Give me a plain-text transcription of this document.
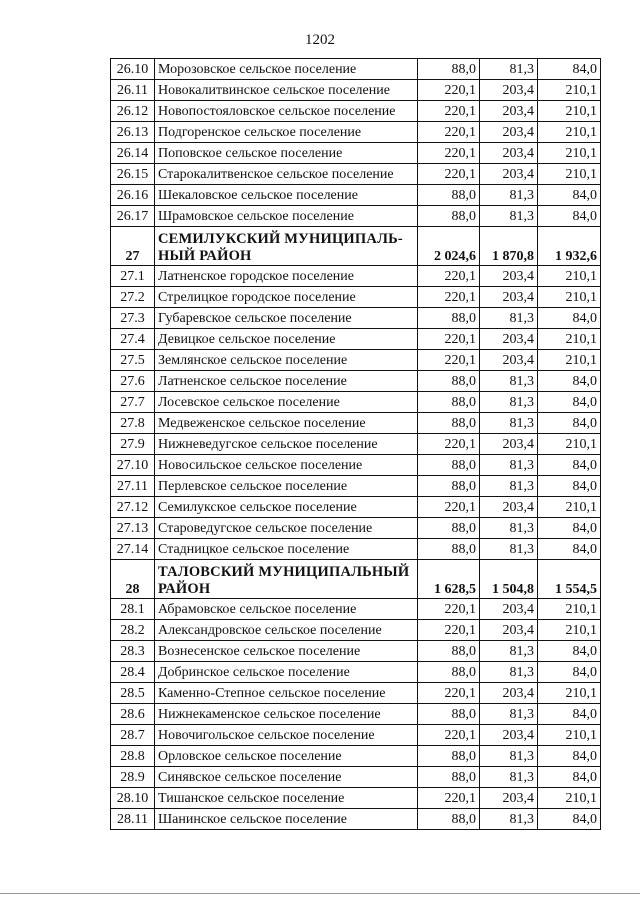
1202
26.10	Морозовское сельское поселение	88,0	81,3	84,0
26.11	Новокалитвинское сельское поселение	220,1	203,4	210,1
26.12	Новопостояловское сельское поселение	220,1	203,4	210,1
26.13	Подгоренское сельское поселение	220,1	203,4	210,1
26.14	Поповское сельское поселение	220,1	203,4	210,1
26.15	Старокалитвенское сельское поселение	220,1	203,4	210,1
26.16	Шекаловское сельское поселение	88,0	81,3	84,0
26.17	Шрамовское сельское поселение	88,0	81,3	84,0
27	СЕМИЛУКСКИЙ МУНИЦИПАЛЬ-НЫЙ РАЙОН	2 024,6	1 870,8	1 932,6
27.1	Латненское городское поселение	220,1	203,4	210,1
27.2	Стрелицкое городское поселение	220,1	203,4	210,1
27.3	Губаревское сельское поселение	88,0	81,3	84,0
27.4	Девицкое сельское поселение	220,1	203,4	210,1
27.5	Землянское сельское поселение	220,1	203,4	210,1
27.6	Латненское сельское поселение	88,0	81,3	84,0
27.7	Лосевское сельское поселение	88,0	81,3	84,0
27.8	Медвеженское сельское поселение	88,0	81,3	84,0
27.9	Нижневедугское сельское поселение	220,1	203,4	210,1
27.10	Новосильское сельское поселение	88,0	81,3	84,0
27.11	Перлевское сельское поселение	88,0	81,3	84,0
27.12	Семилукское сельское поселение	220,1	203,4	210,1
27.13	Староведугское сельское поселение	88,0	81,3	84,0
27.14	Стадницкое сельское поселение	88,0	81,3	84,0
28	ТАЛОВСКИЙ МУНИЦИПАЛЬНЫЙ РАЙОН	1 628,5	1 504,8	1 554,5
28.1	Абрамовское сельское поселение	220,1	203,4	210,1
28.2	Александровское сельское поселение	220,1	203,4	210,1
28.3	Вознесенское сельское поселение	88,0	81,3	84,0
28.4	Добринское сельское поселение	88,0	81,3	84,0
28.5	Каменно-Степное сельское поселение	220,1	203,4	210,1
28.6	Нижнекаменское сельское поселение	88,0	81,3	84,0
28.7	Новочигольское сельское поселение	220,1	203,4	210,1
28.8	Орловское сельское поселение	88,0	81,3	84,0
28.9	Синявское сельское поселение	88,0	81,3	84,0
28.10	Тишанское сельское поселение	220,1	203,4	210,1
28.11	Шанинское сельское поселение	88,0	81,3	84,0
